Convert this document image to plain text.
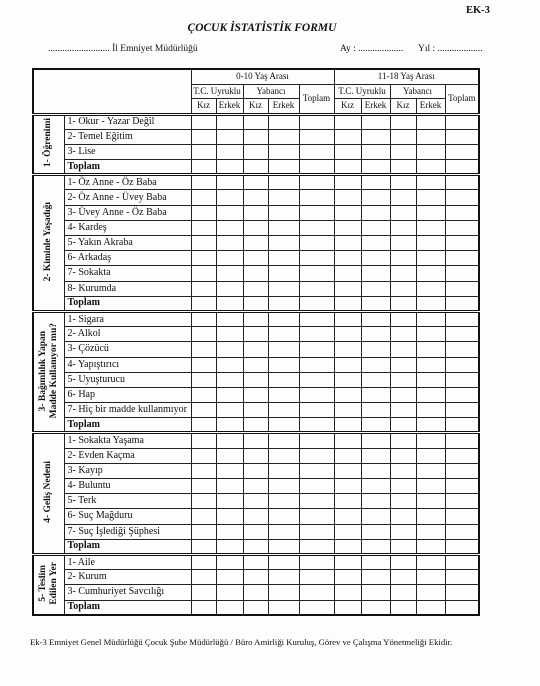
EK-3
ÇOCUK İSTATİSTİK FORMU
.......................... İl Emniyet Müdürlüğü	Ay : ................... Yıl : ...................
		0-10 Yaş Arası					11-18 Yaş Arası				
		T.C. Uyruklu		Yabancı		Toplam	T.C. Uyruklu		Yabancı		Toplam
		Kız	Erkek	Kız	Erkek		Kız	Erkek	Kız	Erkek	

1- Öğrenimi	1- Okur - Yazar Değil										
	2- Temel Eğitim										
	3- Lise										
	Toplam										

2- Kiminle Yaşadığı	1- Öz Anne - Öz Baba										
	2- Öz Anne - Üvey Baba										
	3- Üvey Anne - Öz Baba										
	4- Kardeş										
	5- Yakın Akraba										
	6- Arkadaş										
	7- Sokakta										
	8- Kurumda										
	Toplam										

3- Bağımlılık Yapan Madde Kullanıyor mu?	1- Sigara										
	2- Alkol										
	3- Çözücü										
	4- Yapıştırıcı										
	5- Uyuşturucu										
	6- Hap										
	7- Hiç bir madde kullanmıyor										
	Toplam										

4- Geliş Nedeni	1- Sokakta Yaşama										
	2- Evden Kaçma										
	3- Kayıp										
	4- Buluntu										
	5- Terk										
	6- Suç Mağduru										
	7- Suç İşlediği Şüphesi										
	Toplam										

5- Teslim Edilen Yer	1- Aile										
	2- Kurum										
	3- Cumhuriyet Savcılığı										
	Toplam										
Ek-3 Emniyet Genel Müdürlüğü Çocuk Şube Müdürlüğü / Büro Amirliği Kuruluş, Görev ve Çalışma Yönetmeliği Ekidir.
